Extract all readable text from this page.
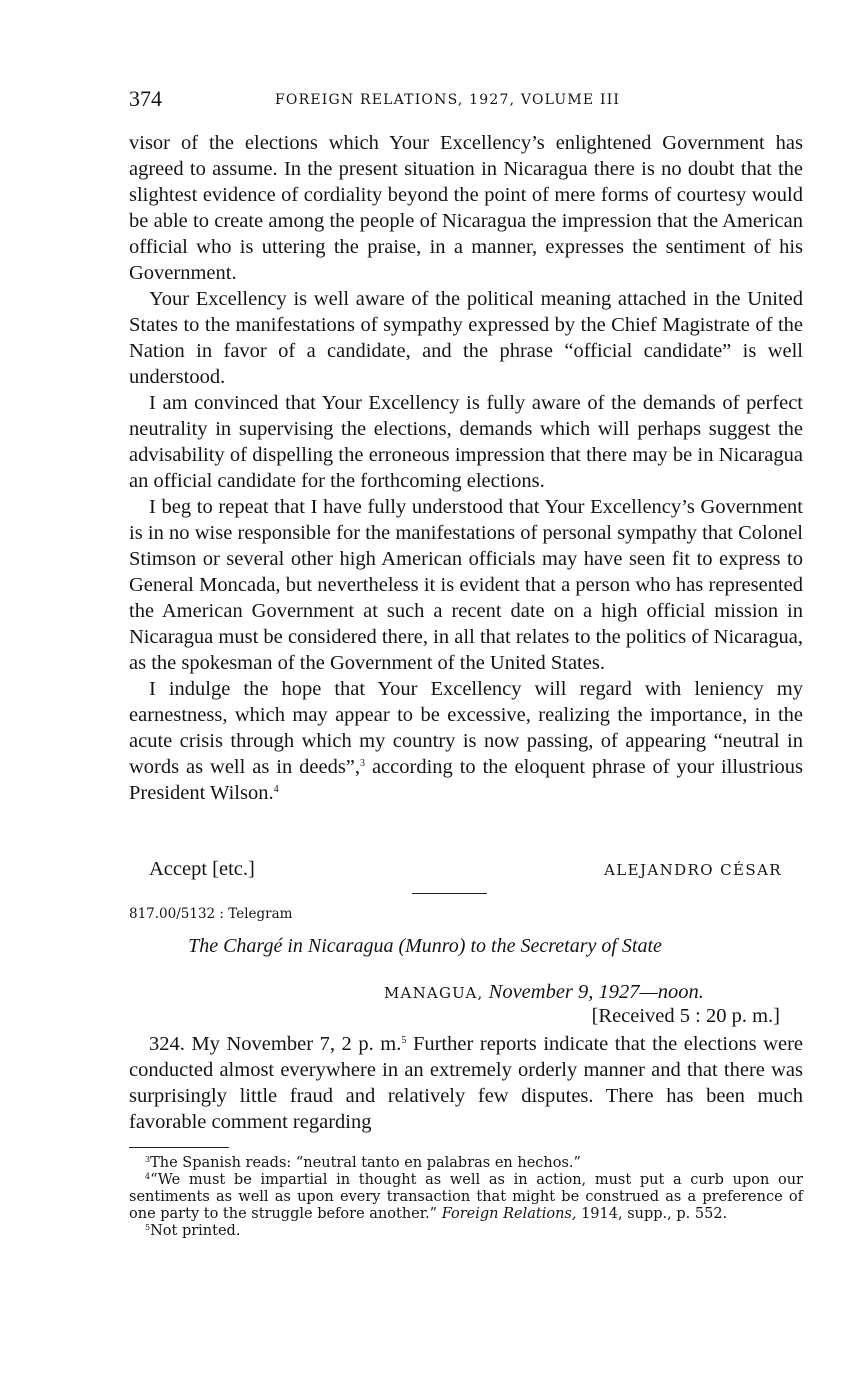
374	FOREIGN RELATIONS, 1927, VOLUME III

visor of the elections which Your Excellency’s enlightened Government has agreed to assume. In the present situation in Nicaragua there is no doubt that the slightest evidence of cordiality beyond the point of mere forms of courtesy would be able to create among the people of Nicaragua the impression that the American official who is uttering the praise, in a manner, expresses the sentiment of his Government.

Your Excellency is well aware of the political meaning attached in the United States to the manifestations of sympathy expressed by the Chief Magistrate of the Nation in favor of a candidate, and the phrase “official candidate” is well understood.

I am convinced that Your Excellency is fully aware of the demands of perfect neutrality in supervising the elections, demands which will perhaps suggest the advisability of dispelling the erroneous impression that there may be in Nicaragua an official candidate for the forthcoming elections.

I beg to repeat that I have fully understood that Your Excellency’s Government is in no wise responsible for the manifestations of personal sympathy that Colonel Stimson or several other high American officials may have seen fit to express to General Moncada, but nevertheless it is evident that a person who has represented the American Government at such a recent date on a high official mission in Nicaragua must be considered there, in all that relates to the politics of Nicaragua, as the spokesman of the Government of the United States.

I indulge the hope that Your Excellency will regard with leniency my earnestness, which may appear to be excessive, realizing the importance, in the acute crisis through which my country is now passing, of appearing “neutral in words as well as in deeds”,$^3$ according to the eloquent phrase of your illustrious President Wilson.$^4$

Accept [etc.]	ALEJANDRO CÉSAR
817.00/5132 : Telegram
The Chargé in Nicaragua (Munro) to the Secretary of State
MANAGUA, November 9, 1927—noon.
[Received 5 : 20 p. m.]

324. My November 7, 2 p. m.$^5$ Further reports indicate that the elections were conducted almost everywhere in an extremely orderly manner and that there was surprisingly little fraud and relatively few disputes. There has been much favorable comment regarding

$^3$The Spanish reads: “neutral tanto en palabras en hechos.”

$^4$“We must be impartial in thought as well as in action, must put a curb upon our sentiments as well as upon every transaction that might be construed as a preference of one party to the struggle before another.” Foreign Relations, 1914, supp., p. 552.

$^5$Not printed.
